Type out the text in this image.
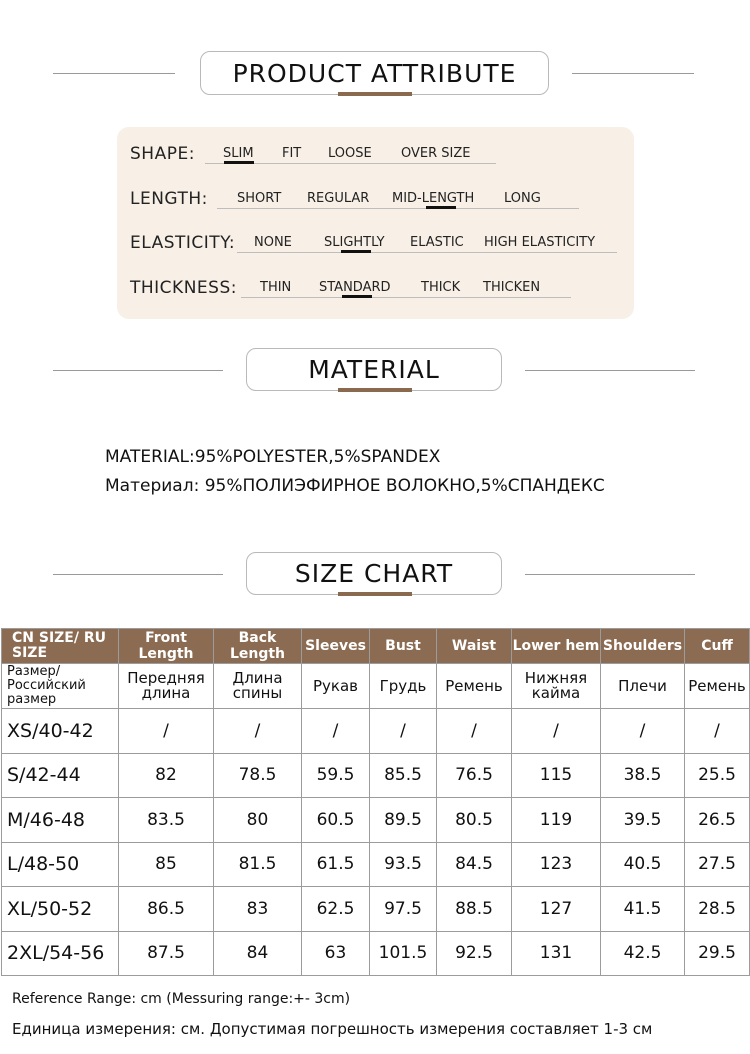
PRODUCT ATTRIBUTE
SHAPE: SLIM FIT LOOSE OVER SIZE
LENGTH: SHORT REGULAR MID-LENGTH LONG
ELASTICITY: NONE SLIGHTLY ELASTIC HIGH ELASTICITY
THICKNESS: THIN STANDARD THICK THICKEN
MATERIAL
MATERIAL:95%POLYESTER,5%SPANDEX
Материал: 95%ПОЛИЭФИРНОЕ ВОЛОКНО,5%СПАНДЕКС
SIZE CHART
CN SIZE/ RU SIZE	Front Length	Back Length	Sleeves	Bust	Waist	Lower hem	Shoulders	Cuff
Размер/ Российский размер	Передняя длина	Длина спины	Рукав	Грудь	Ремень	Нижняя кайма	Плечи	Ремень
XS/40-42	/	/	/	/	/	/	/	/
S/42-44	82	78.5	59.5	85.5	76.5	115	38.5	25.5
M/46-48	83.5	80	60.5	89.5	80.5	119	39.5	26.5
L/48-50	85	81.5	61.5	93.5	84.5	123	40.5	27.5
XL/50-52	86.5	83	62.5	97.5	88.5	127	41.5	28.5
2XL/54-56	87.5	84	63	101.5	92.5	131	42.5	29.5
Reference Range: cm (Messuring range:+- 3cm)
Единица измерения: см. Допустимая погрешность измерения составляет 1-3 см
